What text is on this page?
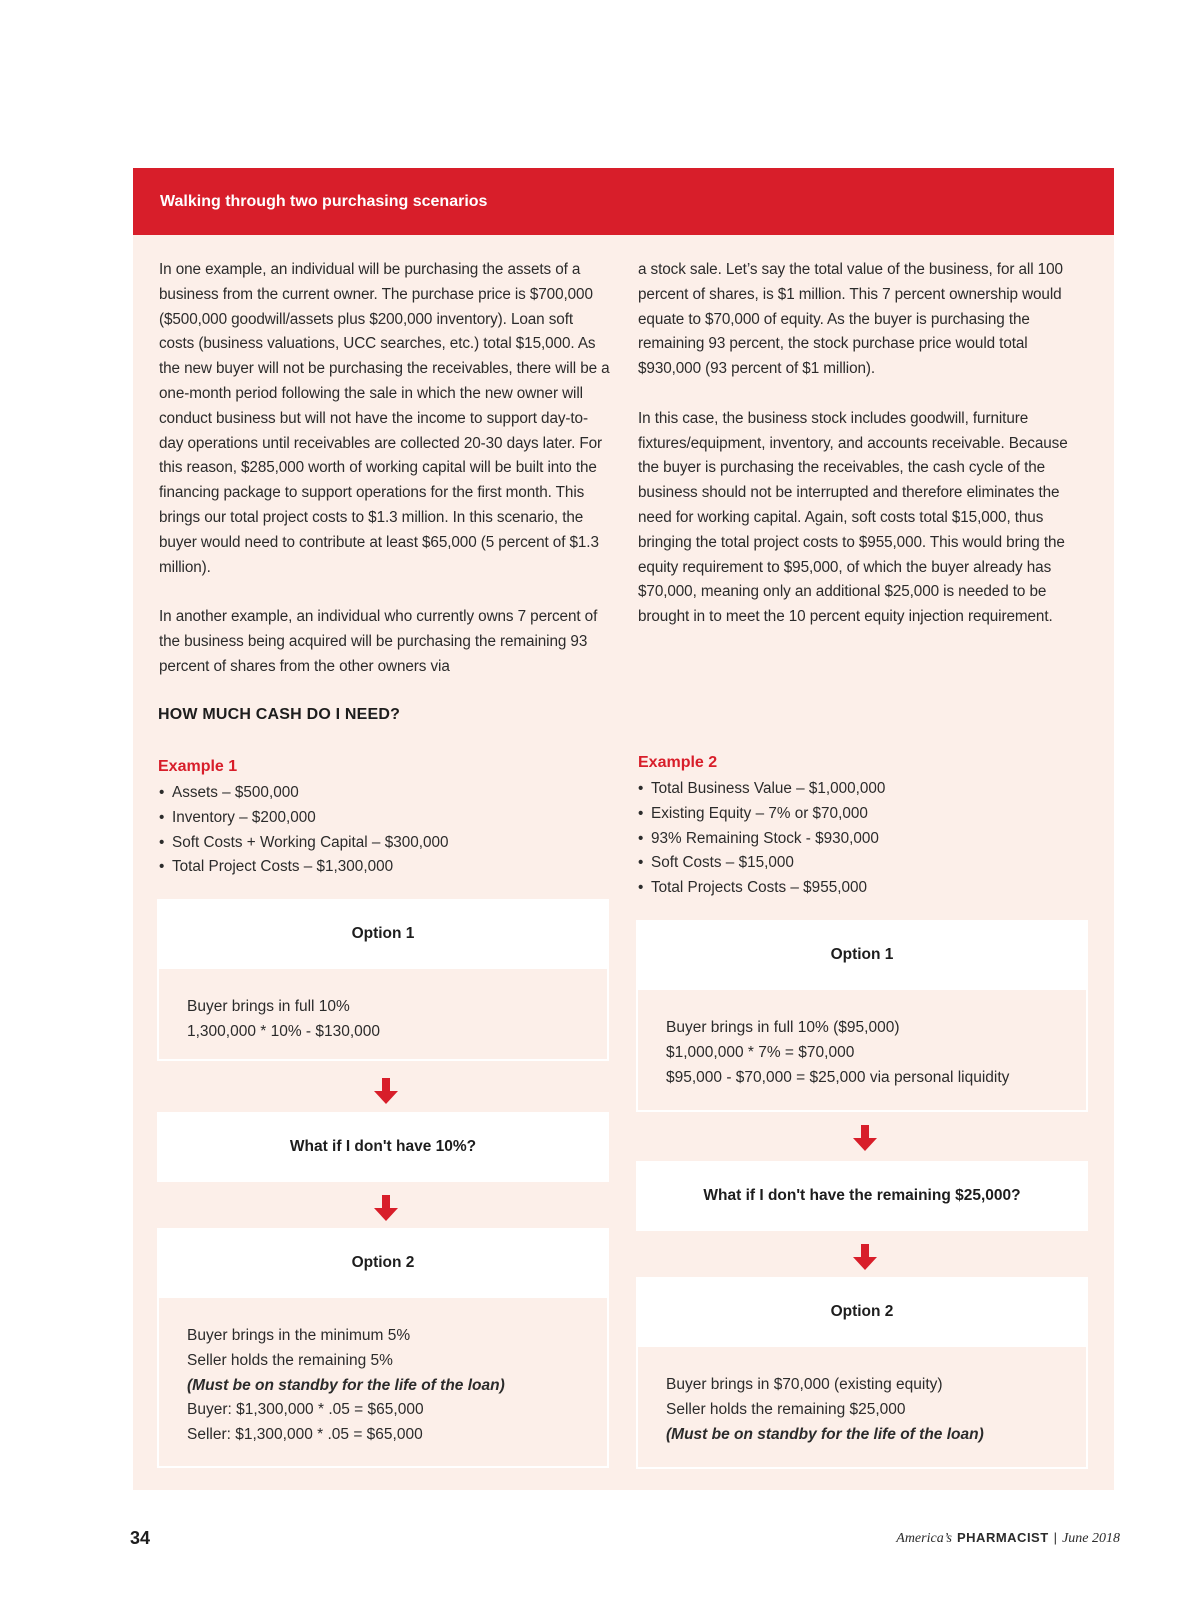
Walking through two purchasing scenarios

In one example, an individual will be purchasing the assets of a business from the current owner. The purchase price is $700,000 ($500,000 goodwill/assets plus $200,000 inventory). Loan soft costs (business valuations, UCC searches, etc.) total $15,000. As the new buyer will not be purchasing the receivables, there will be a one-month period following the sale in which the new owner will conduct business but will not have the income to support day-to-day operations until receivables are collected 20-30 days later. For this reason, $285,000 worth of working capital will be built into the financing package to support operations for the first month. This brings our total project costs to $1.3 million. In this scenario, the buyer would need to contribute at least $65,000 (5 percent of $1.3 million).

In another example, an individual who currently owns 7 percent of the business being acquired will be purchasing the remaining 93 percent of shares from the other owners via

a stock sale. Let’s say the total value of the business, for all 100 percent of shares, is $1 million. This 7 percent ownership would equate to $70,000 of equity. As the buyer is purchasing the remaining 93 percent, the stock purchase price would total $930,000 (93 percent of $1 million).

In this case, the business stock includes goodwill, furniture fixtures/equipment, inventory, and accounts receivable. Because the buyer is purchasing the receivables, the cash cycle of the business should not be interrupted and therefore eliminates the need for working capital. Again, soft costs total $15,000, thus bringing the total project costs to $955,000. This would bring the equity requirement to $95,000, of which the buyer already has $70,000, meaning only an additional $25,000 is needed to be brought in to meet the 10 percent equity injection requirement.

HOW MUCH CASH DO I NEED?
Example 1
• Assets – $500,000
• Inventory – $200,000
• Soft Costs + Working Capital – $300,000
• Total Project Costs – $1,300,000
Option 1
Buyer brings in full 10%
1,300,000 * 10% - $130,000
What if I don't have 10%?
Option 2
Buyer brings in the minimum 5%
Seller holds the remaining 5%
(Must be on standby for the life of the loan)
Buyer: $1,300,000 * .05 = $65,000
Seller: $1,300,000 * .05 = $65,000
Example 2
• Total Business Value – $1,000,000
• Existing Equity – 7% or $70,000
• 93% Remaining Stock - $930,000
• Soft Costs – $15,000
• Total Projects Costs – $955,000
Option 1
Buyer brings in full 10% ($95,000)
$1,000,000 * 7% = $70,000
$95,000 - $70,000 = $25,000 via personal liquidity
What if I don't have the remaining $25,000?
Option 2
Buyer brings in $70,000 (existing equity)
Seller holds the remaining $25,000
(Must be on standby for the life of the loan)
34	America’s PHARMACIST | June 2018
